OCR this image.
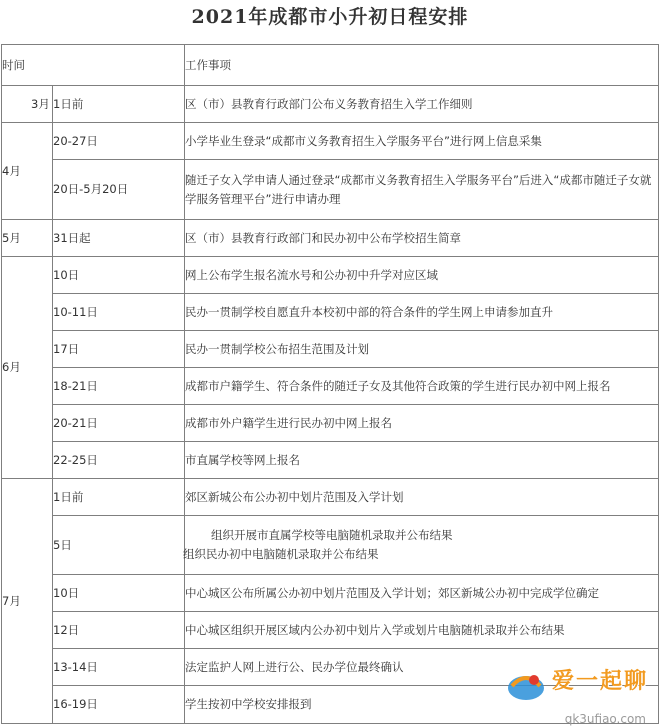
2021年成都市小升初日程安排
时间		工作事项
3月	1日前	区（市）县教育行政部门公布义务教育招生入学工作细则
4月	20-27日	小学毕业生登录“成都市义务教育招生入学服务平台”进行网上信息采集
	20日-5月20日	随迁子女入学申请人通过登录“成都市义务教育招生入学服务平台”后进入“成都市随迁子女就学服务管理平台”进行申请办理
5月	31日起	区（市）县教育行政部门和民办初中公布学校招生简章
6月	10日	网上公布学生报名流水号和公办初中升学对应区域
	10-11日	民办一贯制学校自愿直升本校初中部的符合条件的学生网上申请参加直升
	17日	民办一贯制学校公布招生范围及计划
	18-21日	成都市户籍学生、符合条件的随迁子女及其他符合政策的学生进行民办初中网上报名
	20-21日	成都市外户籍学生进行民办初中网上报名
	22-25日	市直属学校等网上报名
7月	1日前	郊区新城公布公办初中划片范围及入学计划
	5日	组织开展市直属学校等电脑随机录取并公布结果
组织民办初中电脑随机录取并公布结果

	10日	中心城区公布所属公办初中划片范围及入学计划；郊区新城公办初中完成学位确定
	12日	中心城区组织开展区域内公办初中划片入学或划片电脑随机录取并公布结果
	13-14日	法定监护人网上进行公、民办学位最终确认
	16-19日	学生按初中学校安排报到
爱一起聊
qk3ufiao.com
